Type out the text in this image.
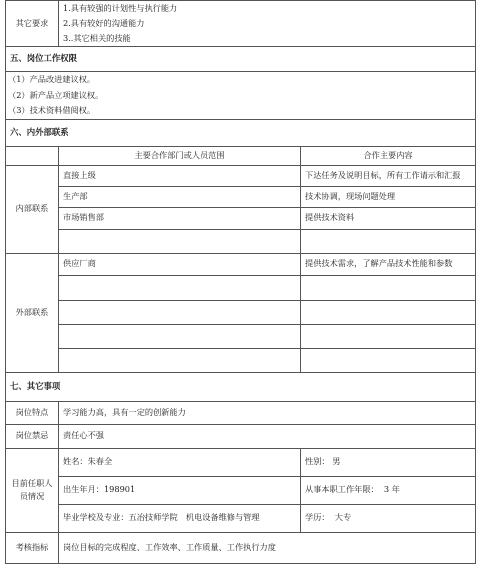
其它要求	1.具有较强的计划性与执行能力
2.具有较好的沟通能力
3..其它相关的技能	

五、岗位工作权限		

（1）产品改进建议权。
（2）新产品立项建议权。
（3）技术资料借阅权。		

六、内外部联系		
	主要合作部门或人员范围	合作主要内容
内部联系	直接上级	下达任务及说明目标，所有工作请示和汇报
	生产部	技术协调，现场问题处理
	市场销售部	提供技术资料

外部联系	供应厂商	提供技术需求，了解产品技术性能和参数

七、其它事项		
岗位特点	学习能力高，具有一定的创新能力	
岗位禁忌	责任心不强	
目前任职人员情况	姓名：朱春全	性别： 男
	出生年月：198901	从事本职工作年限： 3 年
	毕业学校及专业：五冶技师学院　机电设备维修与管理	学历： 大专
考核指标	岗位目标的完成程度、工作效率、工作质量、工作执行力度	
